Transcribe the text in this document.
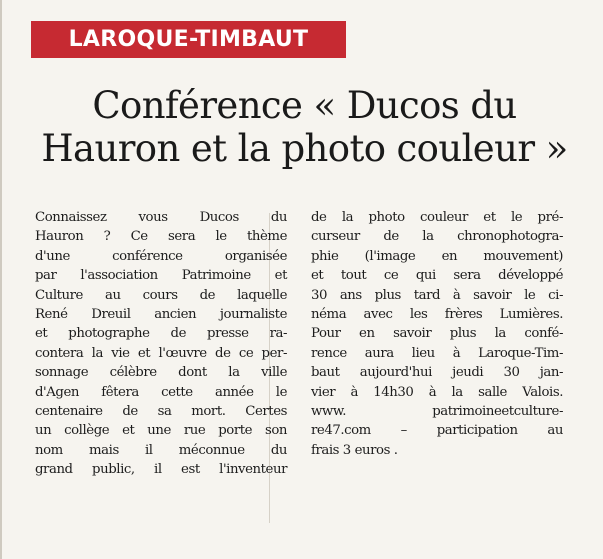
LAROQUE-TIMBAUT
Conférence « Ducos du
Hauron et la photo couleur »

Connaissez vous Ducos du
Hauron ? Ce sera le thème
d'une conférence organisée
par l'association Patrimoine et
Culture au cours de laquelle
René Dreuil ancien journaliste
et photographe de presse ra-
contera la vie et l'œuvre de ce per-
sonnage célèbre dont la ville
d'Agen fêtera cette année le
centenaire de sa mort. Certes
un collège et une rue porte son
nom mais il méconnue du
grand public, il est l'inventeur

de la photo couleur et le pré-
curseur de la chronophotogra-
phie (l'image en mouvement)
et tout ce qui sera développé
30 ans plus tard à savoir le ci-
néma avec les frères Lumières.
Pour en savoir plus la confé-
rence aura lieu à Laroque-Tim-
baut aujourd'hui jeudi 30 jan-
vier à 14h30 à la salle Valois.
www. patrimoineetculture-
re47.com – participation au
frais 3 euros .
